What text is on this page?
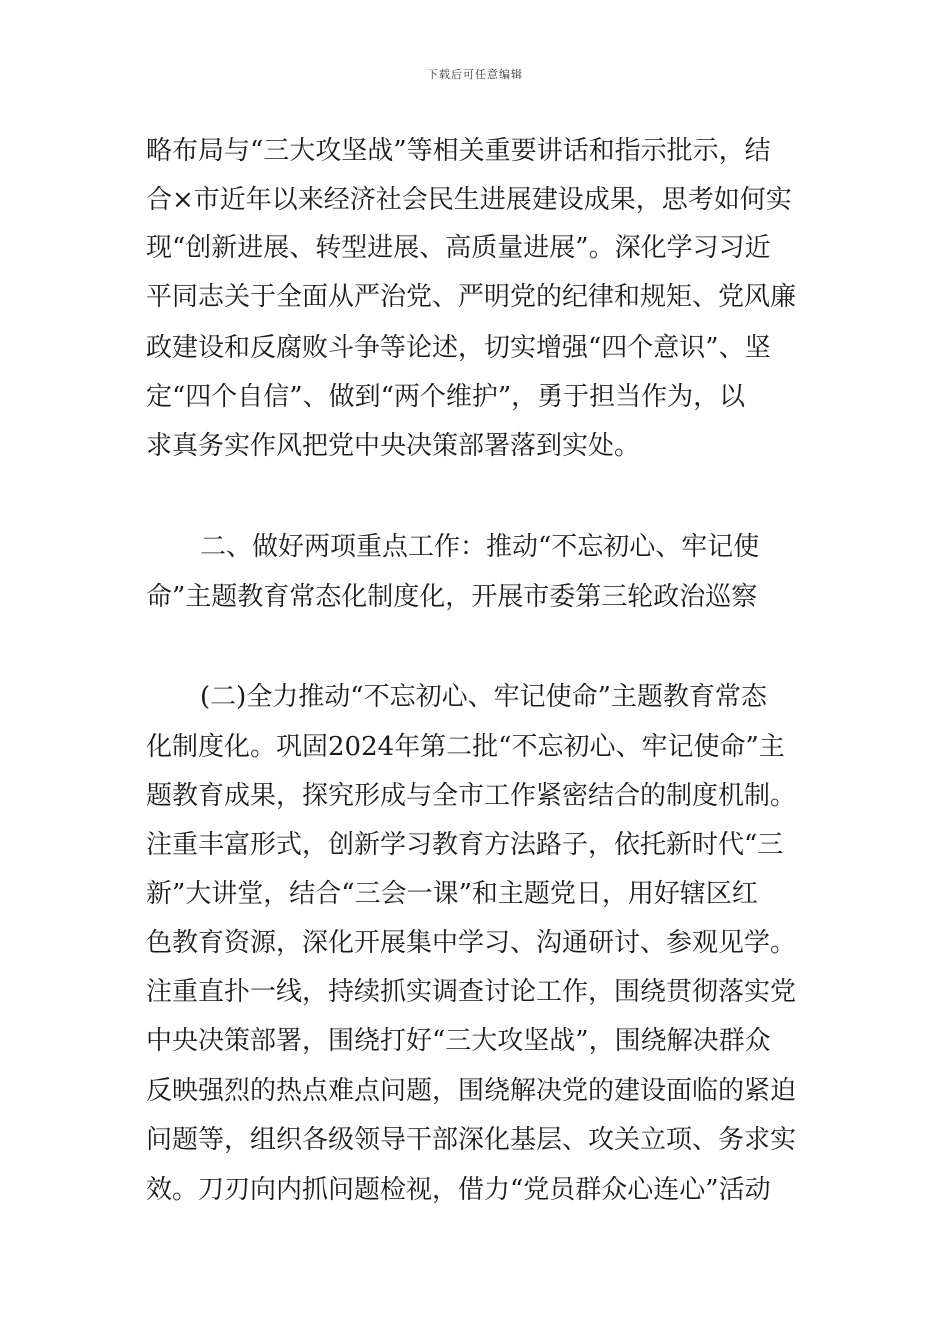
下载后可任意编辑
略布局与“三大攻坚战”等相关重要讲话和指示批示，结
合×市近年以来经济社会民生进展建设成果，思考如何实
现“创新进展、转型进展、高质量进展”。深化学习习近
平同志关于全面从严治党、严明党的纪律和规矩、党风廉
政建设和反腐败斗争等论述，切实增强“四个意识”、坚
定“四个自信”、做到“两个维护”，勇于担当作为，以
求真务实作风把党中央决策部署落到实处。
二、做好两项重点工作：推动“不忘初心、牢记使
命”主题教育常态化制度化，开展市委第三轮政治巡察
(二)全力推动“不忘初心、牢记使命”主题教育常态
化制度化。巩固2024年第二批“不忘初心、牢记使命”主
题教育成果，探究形成与全市工作紧密结合的制度机制。
注重丰富形式，创新学习教育方法路子，依托新时代“三
新”大讲堂，结合“三会一课”和主题党日，用好辖区红
色教育资源，深化开展集中学习、沟通研讨、参观见学。
注重直扑一线，持续抓实调查讨论工作，围绕贯彻落实党
中央决策部署，围绕打好“三大攻坚战”，围绕解决群众
反映强烈的热点难点问题，围绕解决党的建设面临的紧迫
问题等，组织各级领导干部深化基层、攻关立项、务求实
效。刀刃向内抓问题检视，借力“党员群众心连心”活动
